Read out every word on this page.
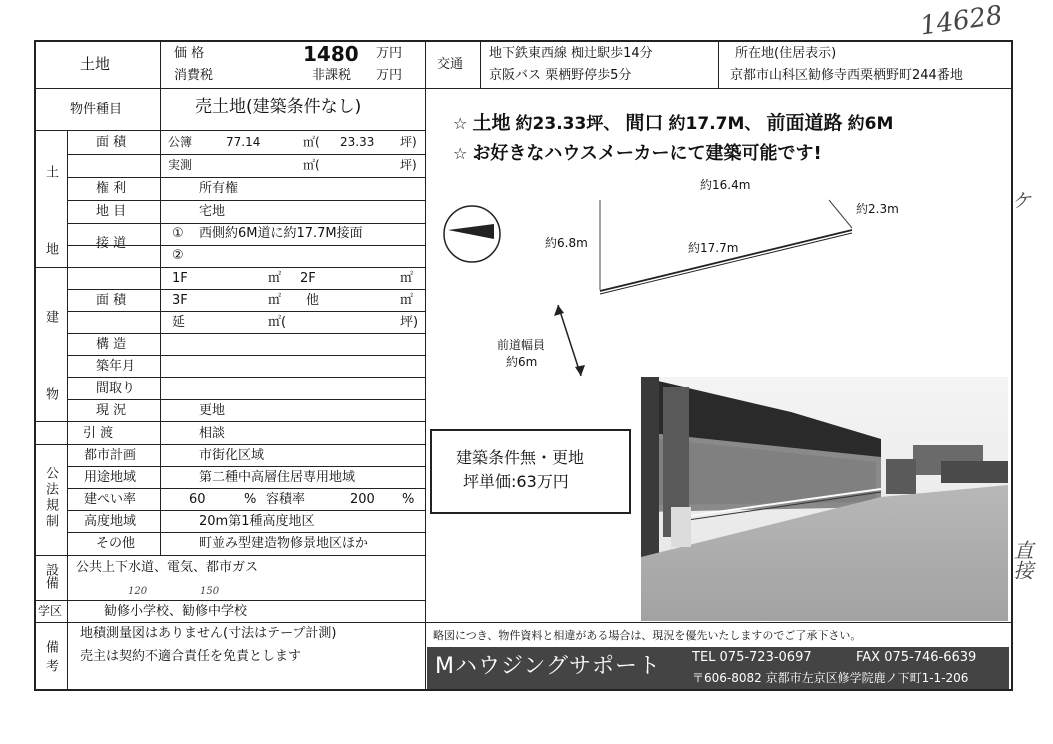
14628
ケ
直接
120	150
土地
価 格	1480 万円
消費税	非課税 万円
交通
地下鉄東西線 椥辻駅歩14分
京阪バス 栗栖野停歩5分
所在地(住居表示)
京都市山科区勧修寺西栗栖野町244番地
物件種目	売土地(建築条件なし)
土 地
面 積	公簿	77.14	㎡( 23.33 坪)
実測	㎡(	坪)
権 利	所有権
地 目	宅地
接 道
① 西側約6M道に約17.7M接面
②
建 物
面 積
1F	㎡ 2F	㎡
3F	㎡ 他	㎡
延	㎡(	坪)
構 造
築年月
間取り
現 況	更地
引 渡	相談
公法規制
都市計画	市街化区域
用途地域	第二種中高層住居専用地域
建ぺい率	60	% 容積率	200 %
高度地域	20m第1種高度地区
その他	町並み型建造物修景地区ほか
設備 公共上下水道、電気、都市ガス
学区	勧修小学校、勧修中学校
備考
地積測量図はありません(寸法はテープ計測)
売主は契約不適合責任を免責とします
☆ 土地 約23.33坪、 間口 約17.7M、 前面道路 約6M
☆ お好きなハウスメーカーにて建築可能です!
約16.4m
約2.3m
約6.8m	約17.7m
前道幅員
約6m
建築条件無・更地
坪単価:63万円
略図につき、物件資料と相違がある場合は、現況を優先いたしますのでご了承下さい。
Mハウジングサポート TEL 075-723-0697	FAX 075-746-6639
〒606-8082 京都市左京区修学院鹿ノ下町1-1-206
